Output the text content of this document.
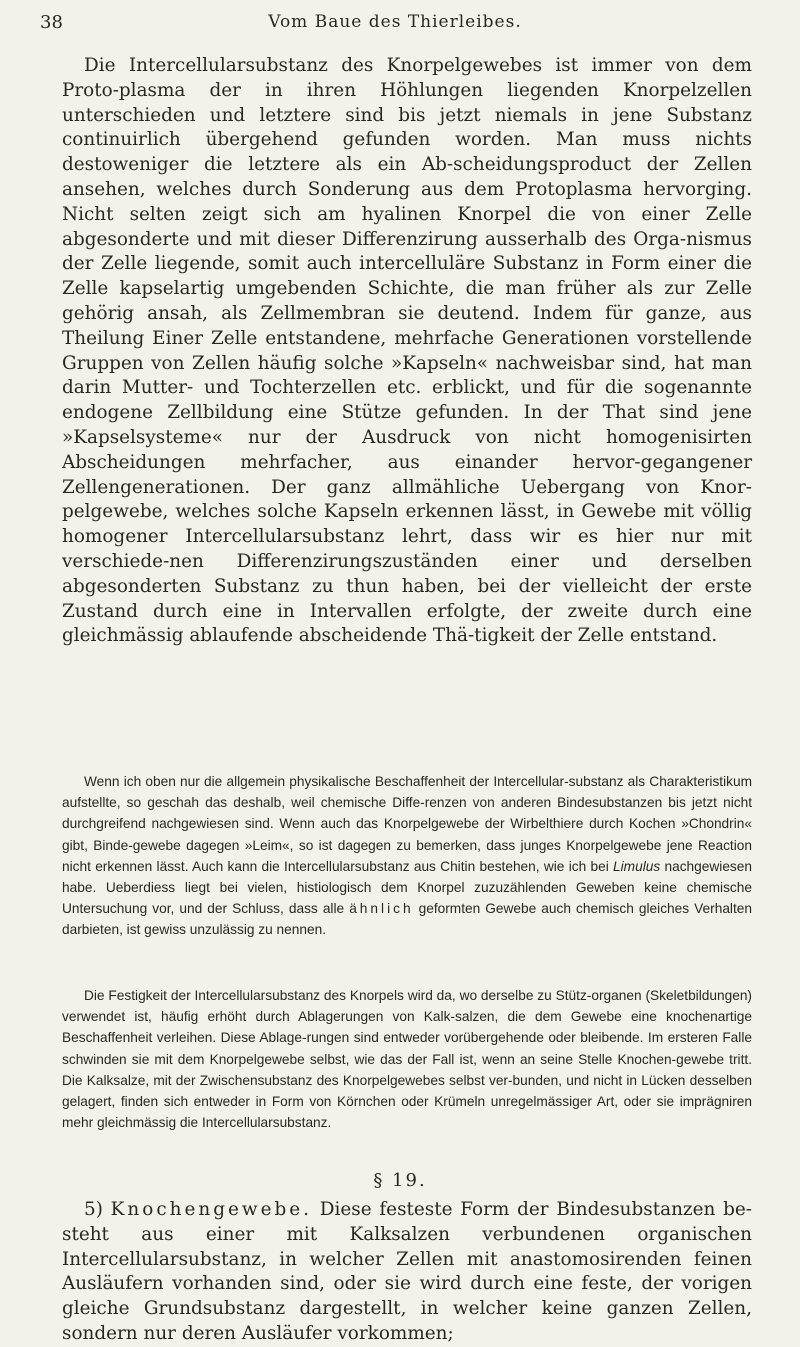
38	Vom Baue des Thierleibes.

Die Intercellularsubstanz des Knorpelgewebes ist immer von dem Proto-plasma der in ihren Höhlungen liegenden Knorpelzellen unterschieden und letztere sind bis jetzt niemals in jene Substanz continuirlich übergehend gefunden worden. Man muss nichts destoweniger die letztere als ein Ab-scheidungsproduct der Zellen ansehen, welches durch Sonderung aus dem Protoplasma hervorging. Nicht selten zeigt sich am hyalinen Knorpel die von einer Zelle abgesonderte und mit dieser Differenzirung ausserhalb des Orga-nismus der Zelle liegende, somit auch intercelluläre Substanz in Form einer die Zelle kapselartig umgebenden Schichte, die man früher als zur Zelle gehörig ansah, als Zellmembran sie deutend. Indem für ganze, aus Theilung Einer Zelle entstandene, mehrfache Generationen vorstellende Gruppen von Zellen häufig solche »Kapseln« nachweisbar sind, hat man darin Mutter- und Tochterzellen etc. erblickt, und für die sogenannte endogene Zellbildung eine Stütze gefunden. In der That sind jene »Kapselsysteme« nur der Ausdruck von nicht homogenisirten Abscheidungen mehrfacher, aus einander hervor-gegangener Zellengenerationen. Der ganz allmähliche Uebergang von Knor-pelgewebe, welches solche Kapseln erkennen lässt, in Gewebe mit völlig homogener Intercellularsubstanz lehrt, dass wir es hier nur mit verschiede-nen Differenzirungszuständen einer und derselben abgesonderten Substanz zu thun haben, bei der vielleicht der erste Zustand durch eine in Intervallen erfolgte, der zweite durch eine gleichmässig ablaufende abscheidende Thä-tigkeit der Zelle entstand.

Wenn ich oben nur die allgemein physikalische Beschaffenheit der Intercellular-substanz als Charakteristikum aufstellte, so geschah das deshalb, weil chemische Diffe-renzen von anderen Bindesubstanzen bis jetzt nicht durchgreifend nachgewiesen sind. Wenn auch das Knorpelgewebe der Wirbelthiere durch Kochen »Chondrin« gibt, Binde-gewebe dagegen »Leim«, so ist dagegen zu bemerken, dass junges Knorpelgewebe jene Reaction nicht erkennen lässt. Auch kann die Intercellularsubstanz aus Chitin bestehen, wie ich bei Limulus nachgewiesen habe. Ueberdiess liegt bei vielen, histiologisch dem Knorpel zuzuzählenden Geweben keine chemische Untersuchung vor, und der Schluss, dass alle ähnlich geformten Gewebe auch chemisch gleiches Verhalten darbieten, ist gewiss unzulässig zu nennen.

Die Festigkeit der Intercellularsubstanz des Knorpels wird da, wo derselbe zu Stütz-organen (Skeletbildungen) verwendet ist, häufig erhöht durch Ablagerungen von Kalk-salzen, die dem Gewebe eine knochenartige Beschaffenheit verleihen. Diese Ablage-rungen sind entweder vorübergehende oder bleibende. Im ersteren Falle schwinden sie mit dem Knorpelgewebe selbst, wie das der Fall ist, wenn an seine Stelle Knochen-gewebe tritt. Die Kalksalze, mit der Zwischensubstanz des Knorpelgewebes selbst ver-bunden, und nicht in Lücken desselben gelagert, finden sich entweder in Form von Körnchen oder Krümeln unregelmässiger Art, oder sie imprägniren mehr gleichmässig die Intercellularsubstanz.

§ 19.

5) Knochengewebe. Diese festeste Form der Bindesubstanzen be-steht aus einer mit Kalksalzen verbundenen organischen Intercellularsubstanz, in welcher Zellen mit anastomosirenden feinen Ausläufern vorhanden sind, oder sie wird durch eine feste, der vorigen gleiche Grundsubstanz dargestellt, in welcher keine ganzen Zellen, sondern nur deren Ausläufer vorkommen;
